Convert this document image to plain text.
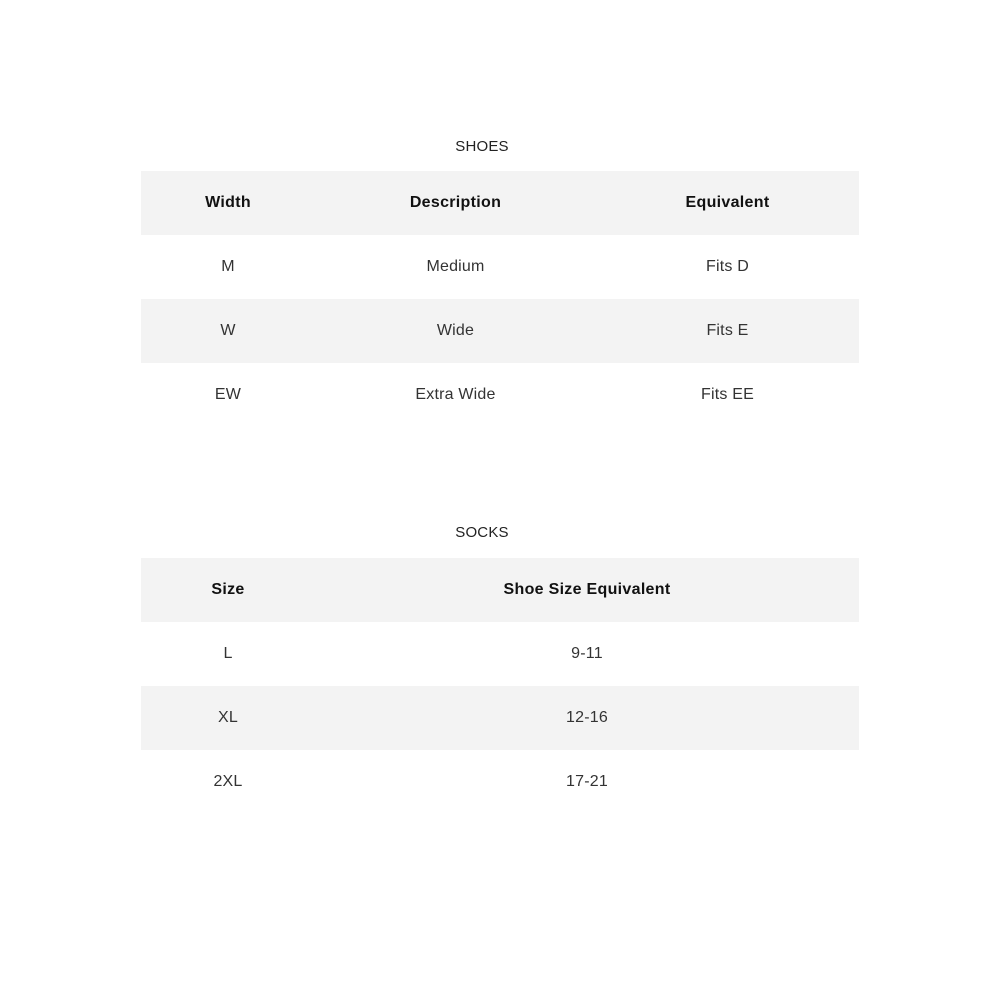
SHOES
Width	Description	Equivalent
M	Medium	Fits D
W	Wide	Fits E
EW	Extra Wide	Fits EE
SOCKS
Size	Shoe Size Equivalent
L	9-11
XL	12-16
2XL	17-21
